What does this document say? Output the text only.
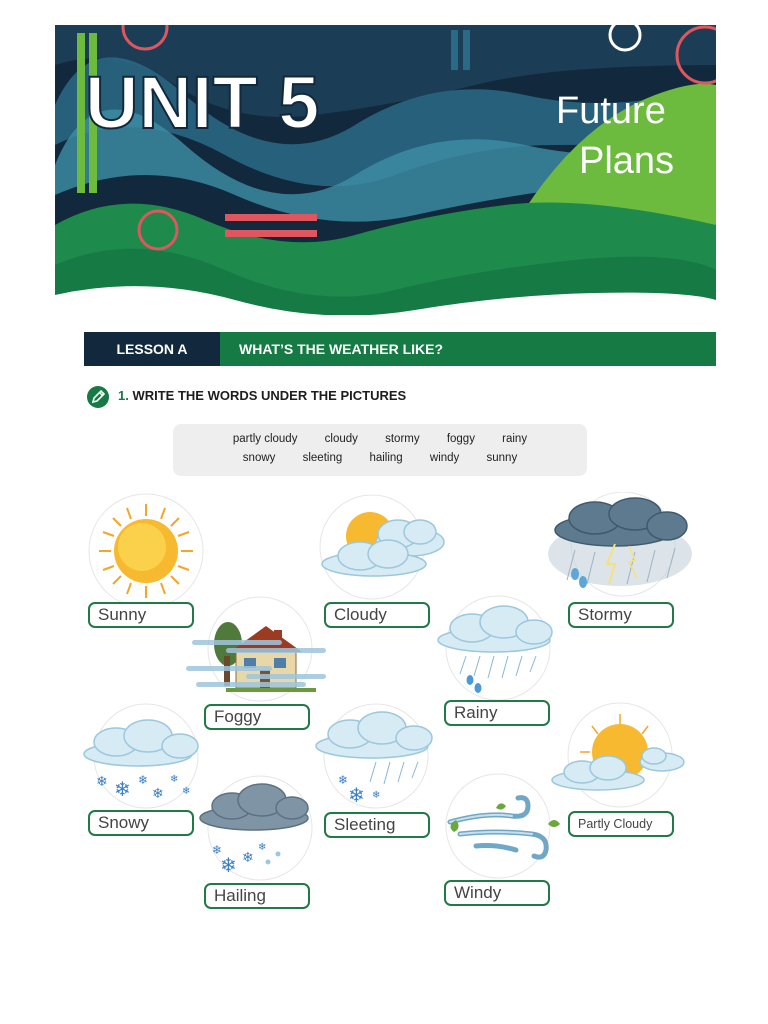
UNIT 5	Future
Plans
LESSON A	WHAT’S THE WEATHER LIKE?
1. WRITE THE WORDS UNDER THE PICTURES
partly cloudy cloudy stormy foggy rainy
snowy sleeting hailing windy sunny
Sunny	Cloudy	Stormy
Foggy	Rainy
❄ ❄ ❄
❄
❄
❄
Snowy
❄
❄ ❄
Sleeting	Partly Cloudy
❄
❄ ❄
❄
Hailing	Windy
